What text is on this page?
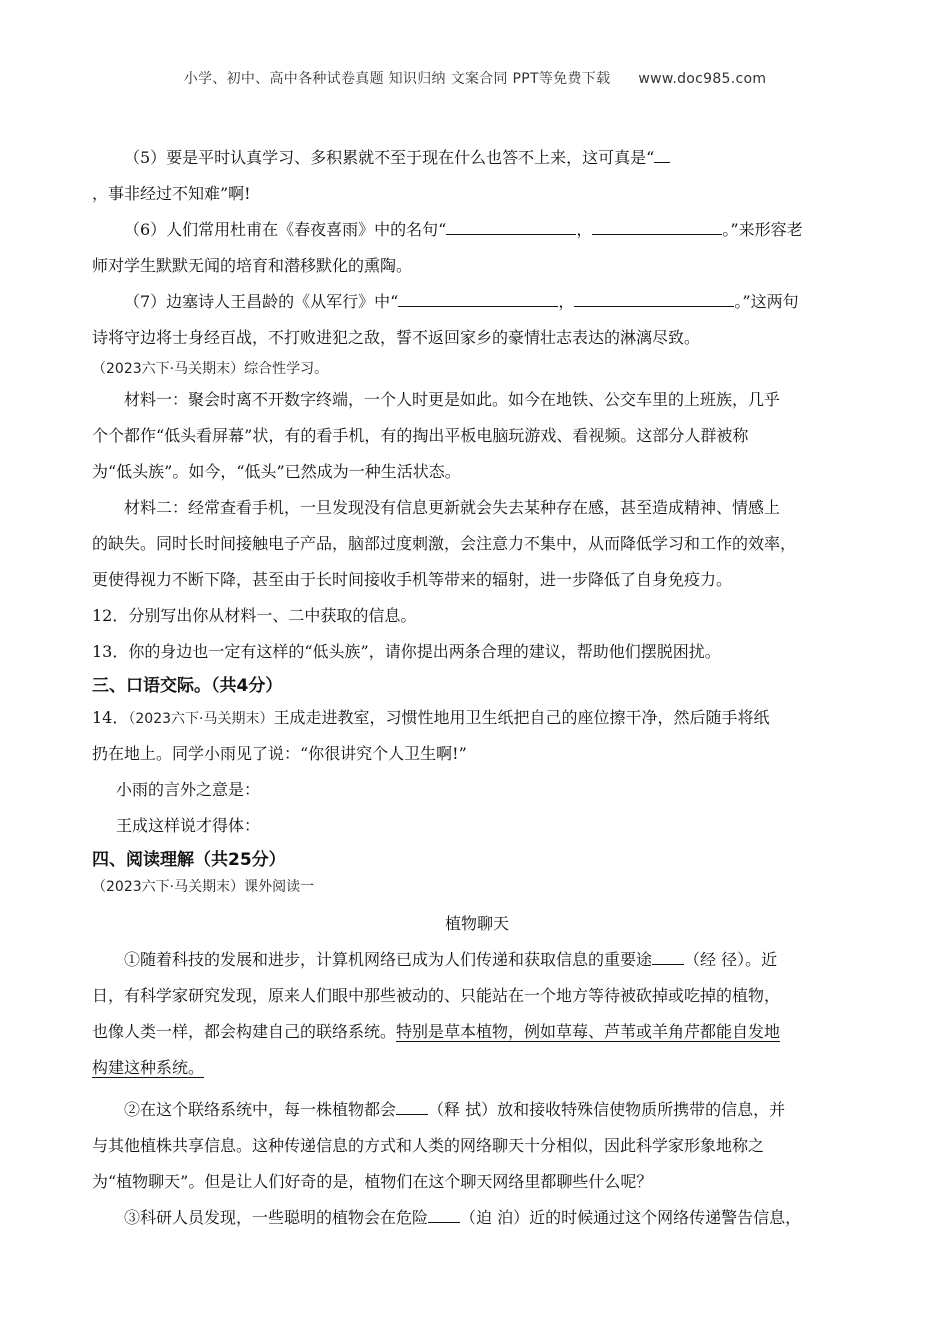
小学、初中、高中各种试卷真题 知识归纳 文案合同 PPT等免费下载 www.doc985.com

（5）要是平时认真学习、多积累就不至于现在什么也答不上来，这可真是“

，事非经过不知难”啊!

（6）人们常用杜甫在《春夜喜雨》中的名句“	，	。”来形容老

师对学生默默无闻的培育和潜移默化的熏陶。

（7）边塞诗人王昌龄的《从军行》中“	，	。”这两句

诗将守边将士身经百战，不打败进犯之敌，誓不返回家乡的豪情壮志表达的淋漓尽致。

（2023六下·马关期末）综合性学习。

材料一：聚会时离不开数字终端，一个人时更是如此。如今在地铁、公交车里的上班族，几乎

个个都作“低头看屏幕”状，有的看手机，有的掏出平板电脑玩游戏、看视频。这部分人群被称

为“低头族”。如今，“低头”已然成为一种生活状态。

材料二：经常查看手机，一旦发现没有信息更新就会失去某种存在感，甚至造成精神、情感上

的缺失。同时长时间接触电子产品，脑部过度刺激，会注意力不集中，从而降低学习和工作的效率，

更使得视力不断下降，甚至由于长时间接收手机等带来的辐射，进一步降低了自身免疫力。

12．分别写出你从材料一、二中获取的信息。

13．你的身边也一定有这样的“低头族”，请你提出两条合理的建议，帮助他们摆脱困扰。

三、口语交际。（共4分）

14．（2023六下·马关期末）王成走进教室，习惯性地用卫生纸把自己的座位擦干净，然后随手将纸

扔在地上。同学小雨见了说：“你很讲究个人卫生啊!”

小雨的言外之意是：

王成这样说才得体：

四、阅读理解（共25分）

（2023六下·马关期末）课外阅读一

植物聊天

①随着科技的发展和进步，计算机网络已成为人们传递和获取信息的重要途 （经 径）。近

日，有科学家研究发现，原来人们眼中那些被动的、只能站在一个地方等待被砍掉或吃掉的植物，

也像人类一样，都会构建自己的联络系统。特别是草本植物，例如草莓、芦苇或羊角芹都能自发地

构建这种系统。

②在这个联络系统中，每一株植物都会 （释 拭）放和接收特殊信使物质所携带的信息，并

与其他植株共享信息。这种传递信息的方式和人类的网络聊天十分相似，因此科学家形象地称之

为“植物聊天”。但是让人们好奇的是，植物们在这个聊天网络里都聊些什么呢？

③科研人员发现，一些聪明的植物会在危险 （迫 泊）近的时候通过这个网络传递警告信息，
